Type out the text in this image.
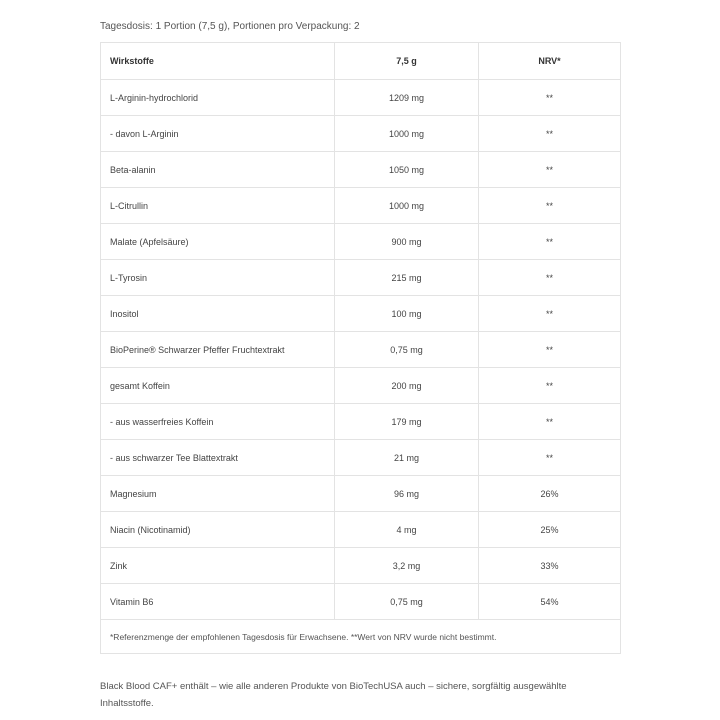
Tagesdosis: 1 Portion (7,5 g), Portionen pro Verpackung: 2
Wirkstoffe	7,5 g	NRV*
L-Arginin-hydrochlorid	1209 mg	**
- davon L-Arginin	1000 mg	**
Beta-alanin	1050 mg	**
L-Citrullin	1000 mg	**
Malate (Apfelsäure)	900 mg	**
L-Tyrosin	215 mg	**
Inositol	100 mg	**
BioPerine® Schwarzer Pfeffer Fruchtextrakt	0,75 mg	**
gesamt Koffein	200 mg	**
- aus wasserfreies Koffein	179 mg	**
- aus schwarzer Tee Blattextrakt	21 mg	**
Magnesium	96 mg	26%
Niacin (Nicotinamid)	4 mg	25%
Zink	3,2 mg	33%
Vitamin B6	0,75 mg	54%
*Referenzmenge der empfohlenen Tagesdosis für Erwachsene. **Wert von NRV wurde nicht bestimmt.		
Black Blood CAF+ enthält – wie alle anderen Produkte von BioTechUSA auch – sichere, sorgfältig ausgewählte Inhaltsstoffe.
